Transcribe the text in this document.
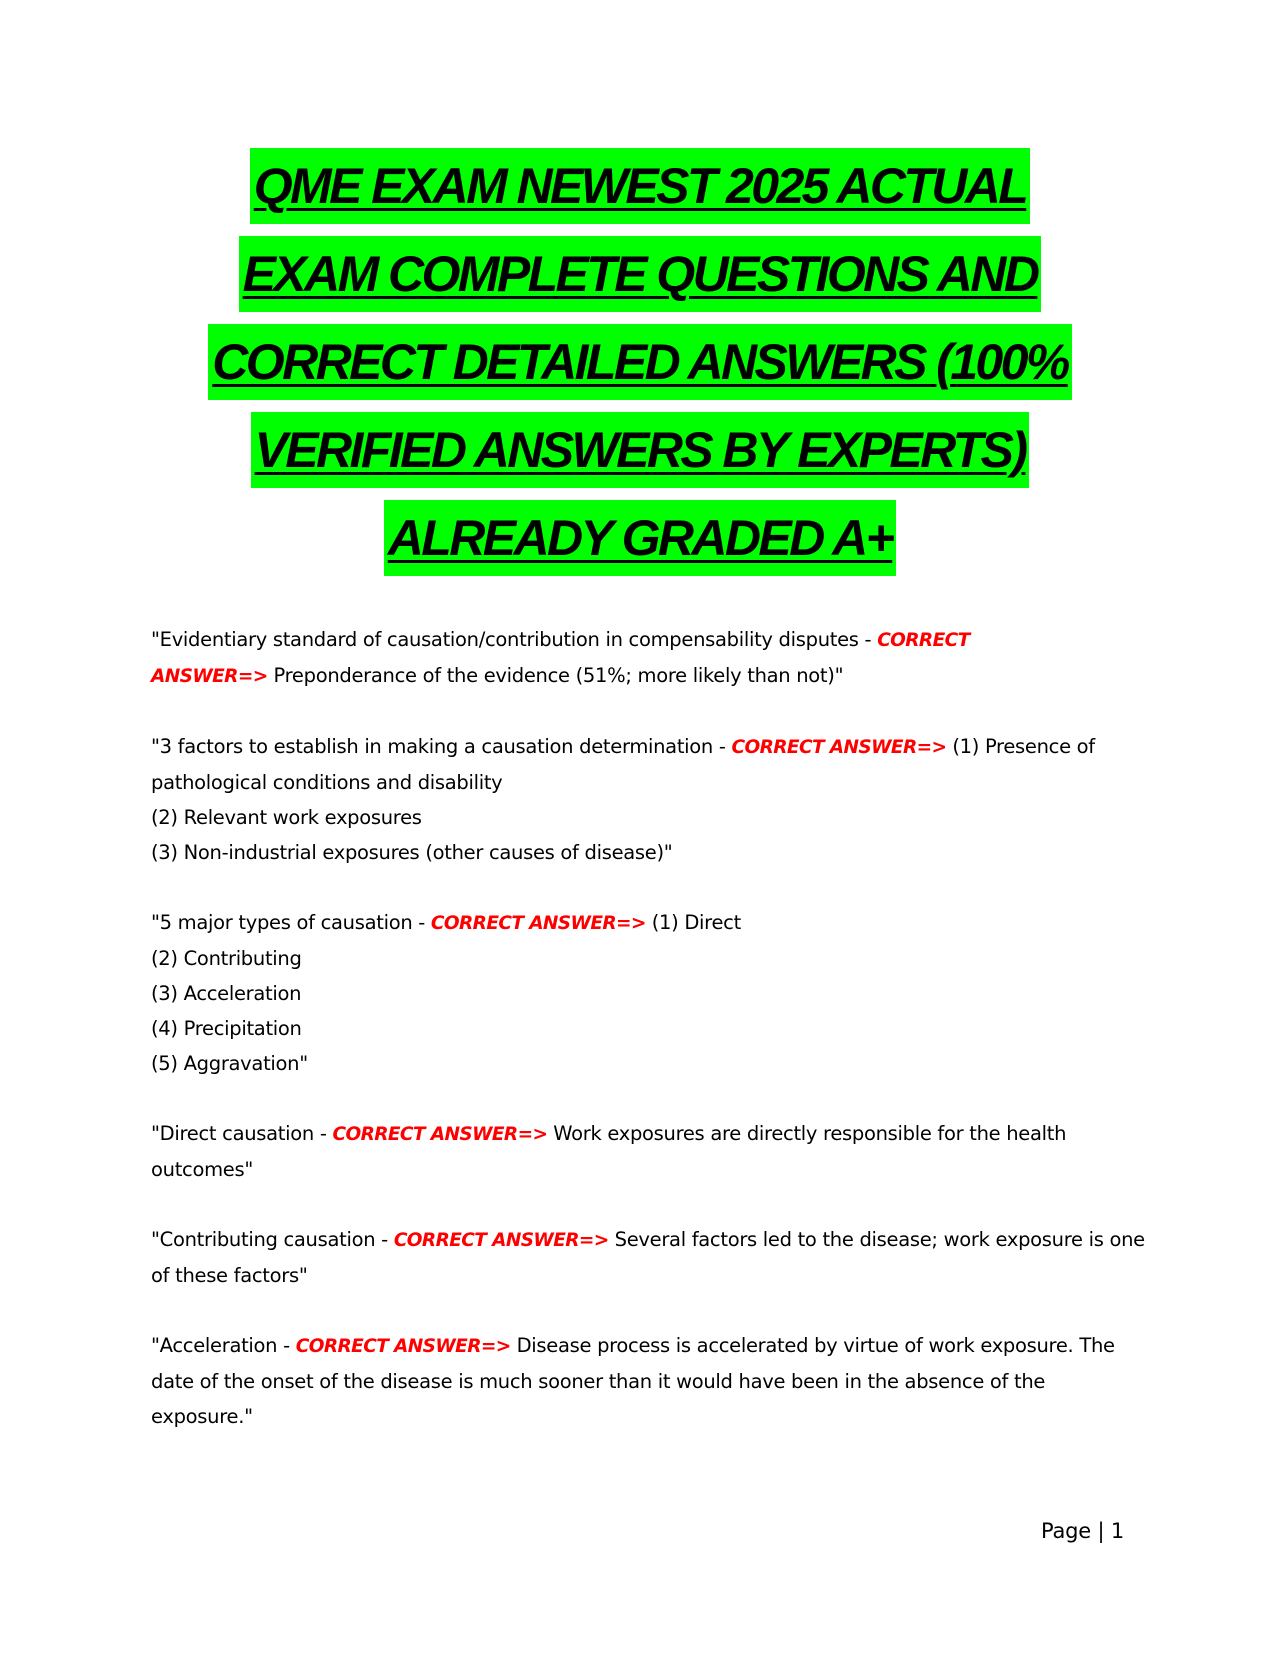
QME EXAM NEWEST 2025 ACTUAL
EXAM COMPLETE QUESTIONS AND
CORRECT DETAILED ANSWERS (100%
VERIFIED ANSWERS BY EXPERTS)
ALREADY GRADED A+

"Evidentiary standard of causation/contribution in compensability disputes - CORRECT
ANSWER=> Preponderance of the evidence (51%; more likely than not)"

"3 factors to establish in making a causation determination - CORRECT ANSWER=> (1) Presence of pathological conditions and disability
(2) Relevant work exposures
(3) Non-industrial exposures (other causes of disease)"

"5 major types of causation - CORRECT ANSWER=> (1) Direct
(2) Contributing
(3) Acceleration
(4) Precipitation
(5) Aggravation"

"Direct causation - CORRECT ANSWER=> Work exposures are directly responsible for the health outcomes"

"Contributing causation - CORRECT ANSWER=> Several factors led to the disease; work exposure is one of these factors"

"Acceleration - CORRECT ANSWER=> Disease process is accelerated by virtue of work exposure. The date of the onset of the disease is much sooner than it would have been in the absence of the exposure."

Page | 1
